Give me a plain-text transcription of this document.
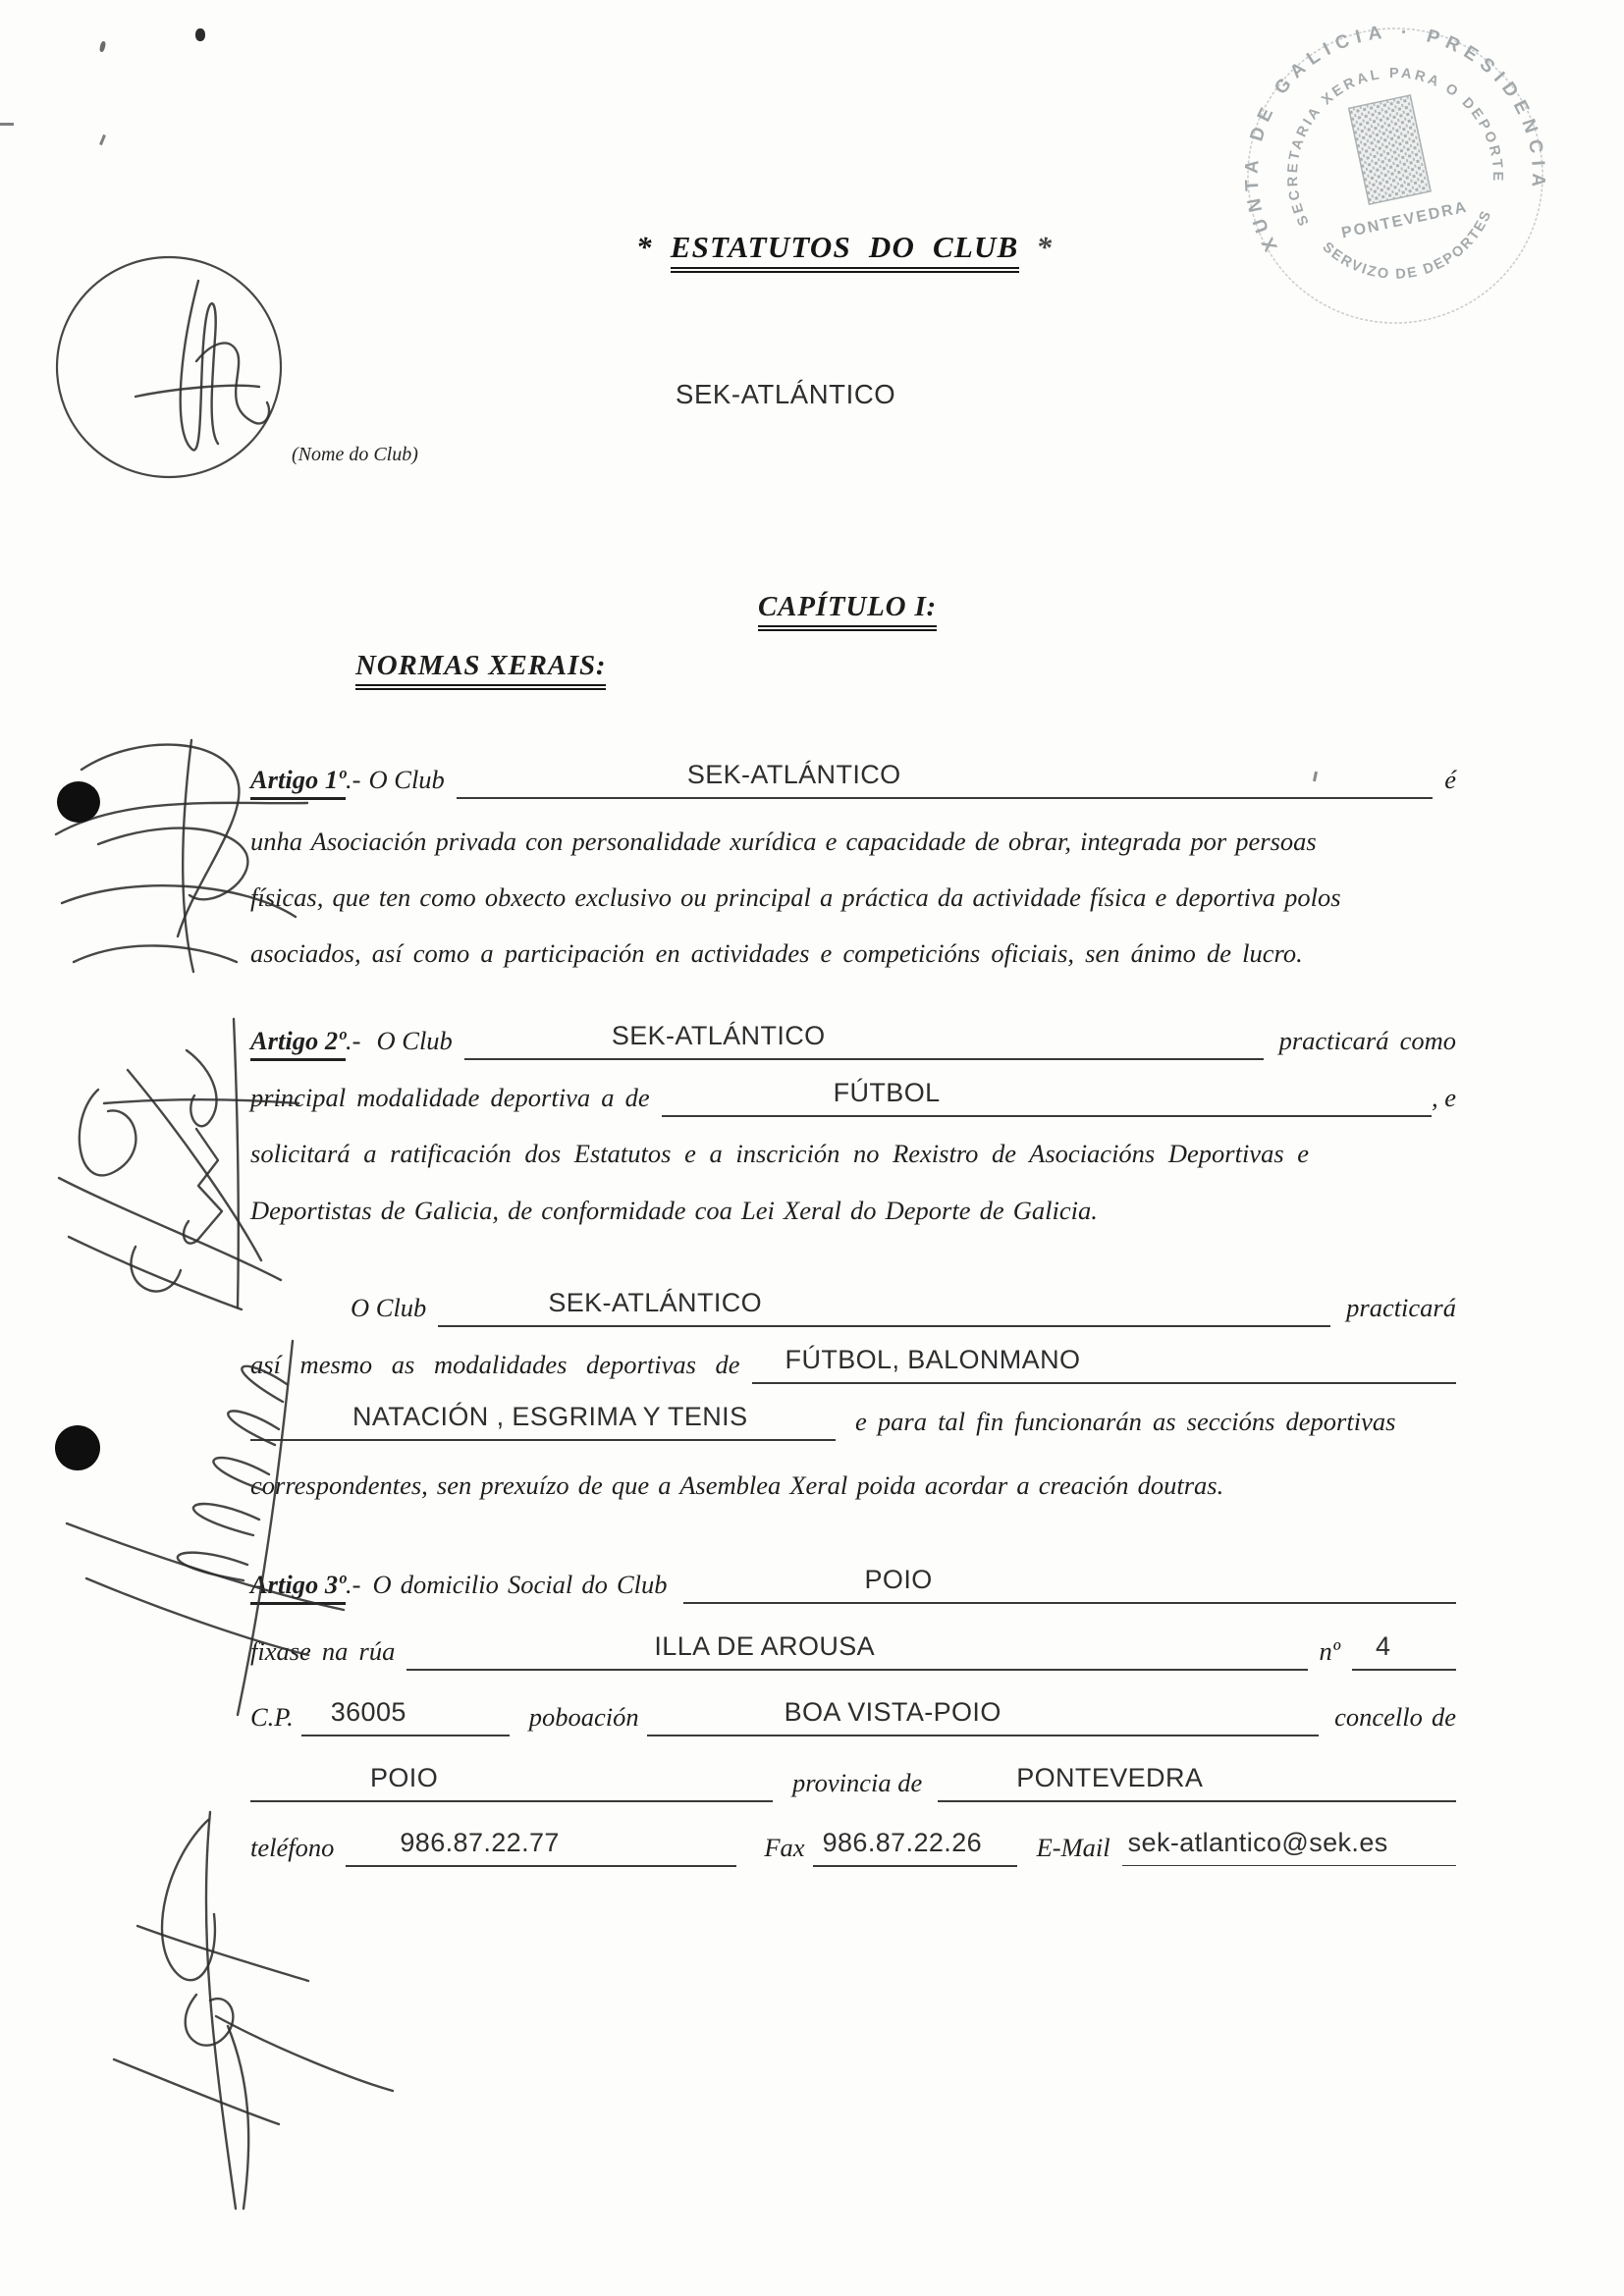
* ESTATUTOS DO CLUB *	XUNTA DE GALICIA · PRESIDENCIA
SECRETARIA XERAL PARA O DEPORTE
SERVIZO DE DEPORTES
PONTEVEDRA
SEK-ATLÁNTICO
(Nome do Club)
CAPÍTULO I:
NORMAS XERAIS:
Artigo 1º .- O Club	SEK-ATLÁNTICO	é
unha Asociación privada con personalidade xurídica e capacidade de obrar, integrada por persoas
físicas, que ten como obxecto exclusivo ou principal a práctica da actividade física e deportiva polos
asociados, así como a participación en actividades e competicións oficiais, sen ánimo de lucro.
Artigo 2º .- O Club	SEK-ATLÁNTICO	practicará como
principal modalidade deportiva a de	FÚTBOL	, e
solicitará a ratificación dos Estatutos e a inscrición no Rexistro de Asociacións Deportivas e
Deportistas de Galicia, de conformidade coa Lei Xeral do Deporte de Galicia.
O Club	SEK-ATLÁNTICO	practicará
así mesmo as modalidades deportivas de	FÚTBOL, BALONMANO
NATACIÓN , ESGRIMA Y TENIS	e para tal fin funcionarán as seccións deportivas
correspondentes, sen prexuízo de que a Asemblea Xeral poida acordar a creación doutras.
Artigo 3º .- O domicilio Social do Club	POIO
fixase na rúa	ILLA DE AROUSA	nº	4
C.P.	36005	poboación	BOA VISTA-POIO	concello de
POIO	provincia de	PONTEVEDRA
teléfono	986.87.22.77	Fax 986.87.22.26 E-Mail sek-atlantico@sek.es
